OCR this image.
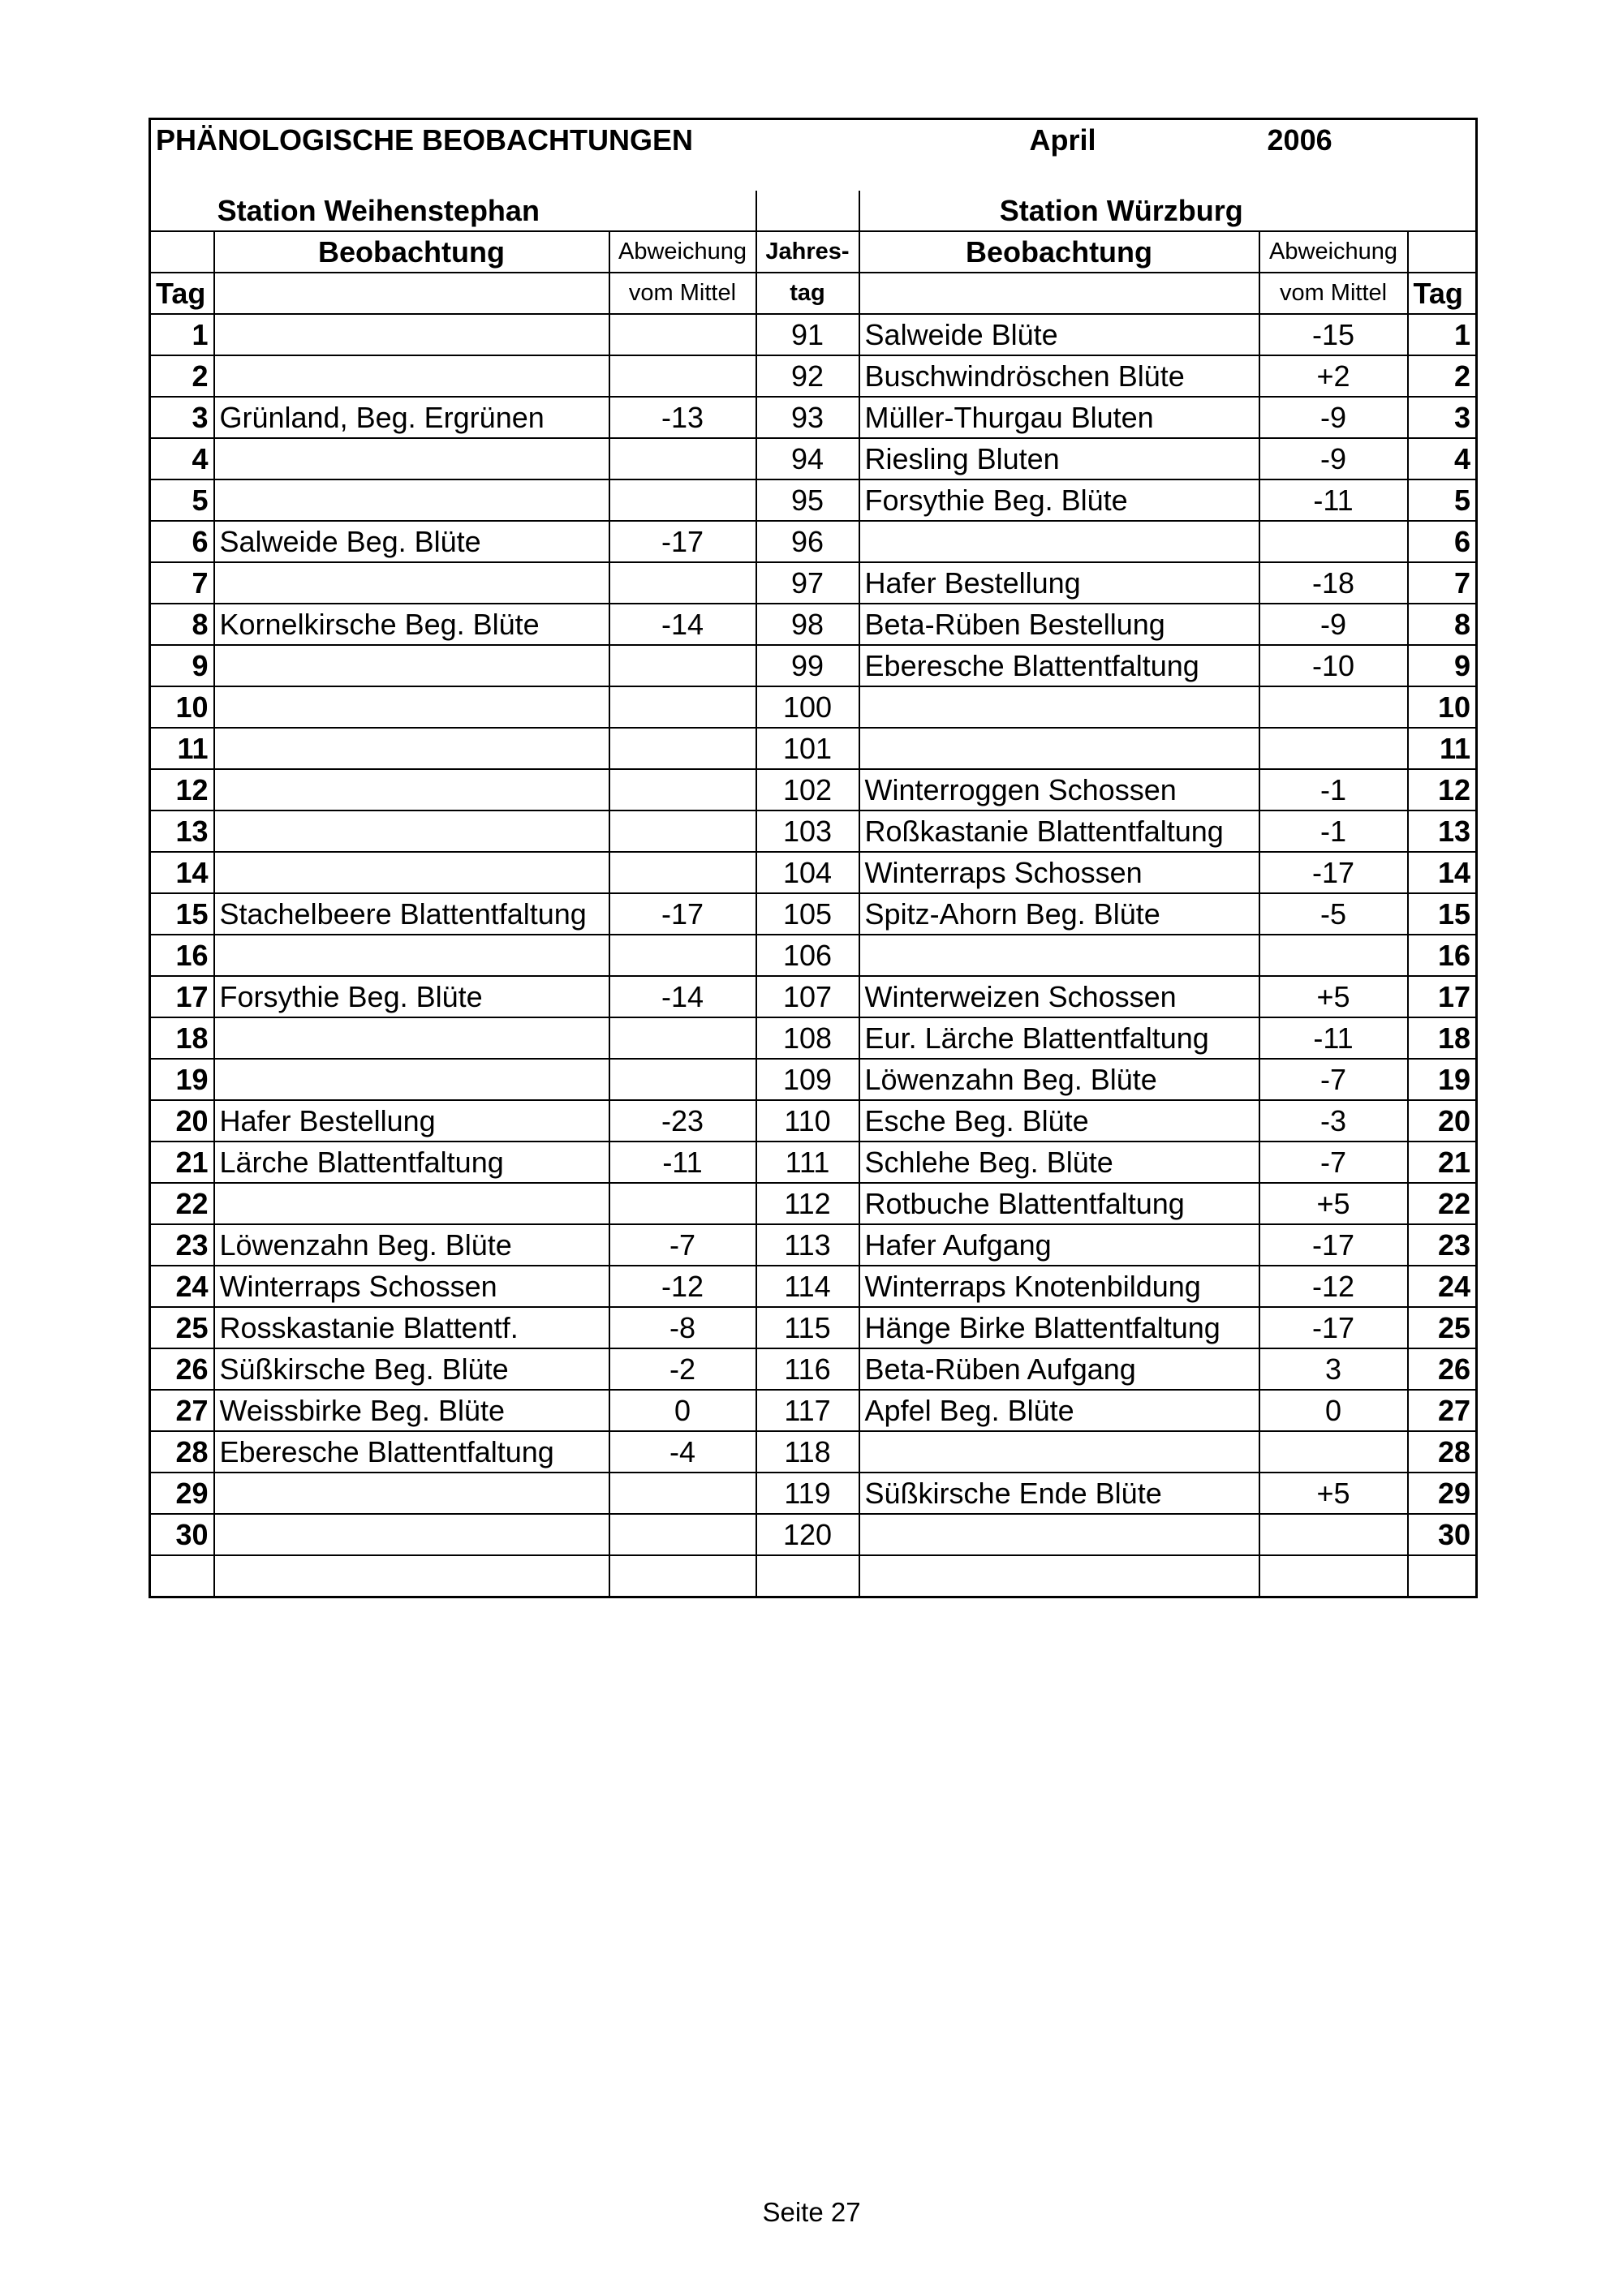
PHÄNOLOGISCHE BEOBACHTUNGEN				April	2006	

Station Weihenstephan				Station Würzburg		
	Beobachtung	Abweichung	Jahres-	Beobachtung	Abweichung	
Tag		vom Mittel	tag		vom Mittel	Tag
1			91	Salweide Blüte	-15	1
2			92	Buschwindröschen Blüte	+2	2
3	Grünland, Beg. Ergrünen	-13	93	Müller-Thurgau Bluten	-9	3
4			94	Riesling Bluten	-9	4
5			95	Forsythie Beg. Blüte	-11	5
6	Salweide Beg. Blüte	-17	96			6
7			97	Hafer Bestellung	-18	7
8	Kornelkirsche Beg. Blüte	-14	98	Beta-Rüben Bestellung	-9	8
9			99	Eberesche Blattentfaltung	-10	9
10			100			10
11			101			11
12			102	Winterroggen Schossen	-1	12
13			103	Roßkastanie Blattentfaltung	-1	13
14			104	Winterraps Schossen	-17	14
15	Stachelbeere Blattentfaltung	-17	105	Spitz-Ahorn Beg. Blüte	-5	15
16			106			16
17	Forsythie Beg. Blüte	-14	107	Winterweizen Schossen	+5	17
18			108	Eur. Lärche Blattentfaltung	-11	18
19			109	Löwenzahn Beg. Blüte	-7	19
20	Hafer Bestellung	-23	110	Esche Beg. Blüte	-3	20
21	Lärche Blattentfaltung	-11	111	Schlehe Beg. Blüte	-7	21
22			112	Rotbuche Blattentfaltung	+5	22
23	Löwenzahn Beg. Blüte	-7	113	Hafer Aufgang	-17	23
24	Winterraps Schossen	-12	114	Winterraps Knotenbildung	-12	24
25	Rosskastanie Blattentf.	-8	115	Hänge Birke Blattentfaltung	-17	25
26	Süßkirsche Beg. Blüte	-2	116	Beta-Rüben Aufgang	3	26
27	Weissbirke Beg. Blüte	0	117	Apfel Beg. Blüte	0	27
28	Eberesche Blattentfaltung	-4	118			28
29			119	Süßkirsche Ende Blüte	+5	29
30			120			30

Seite 27
